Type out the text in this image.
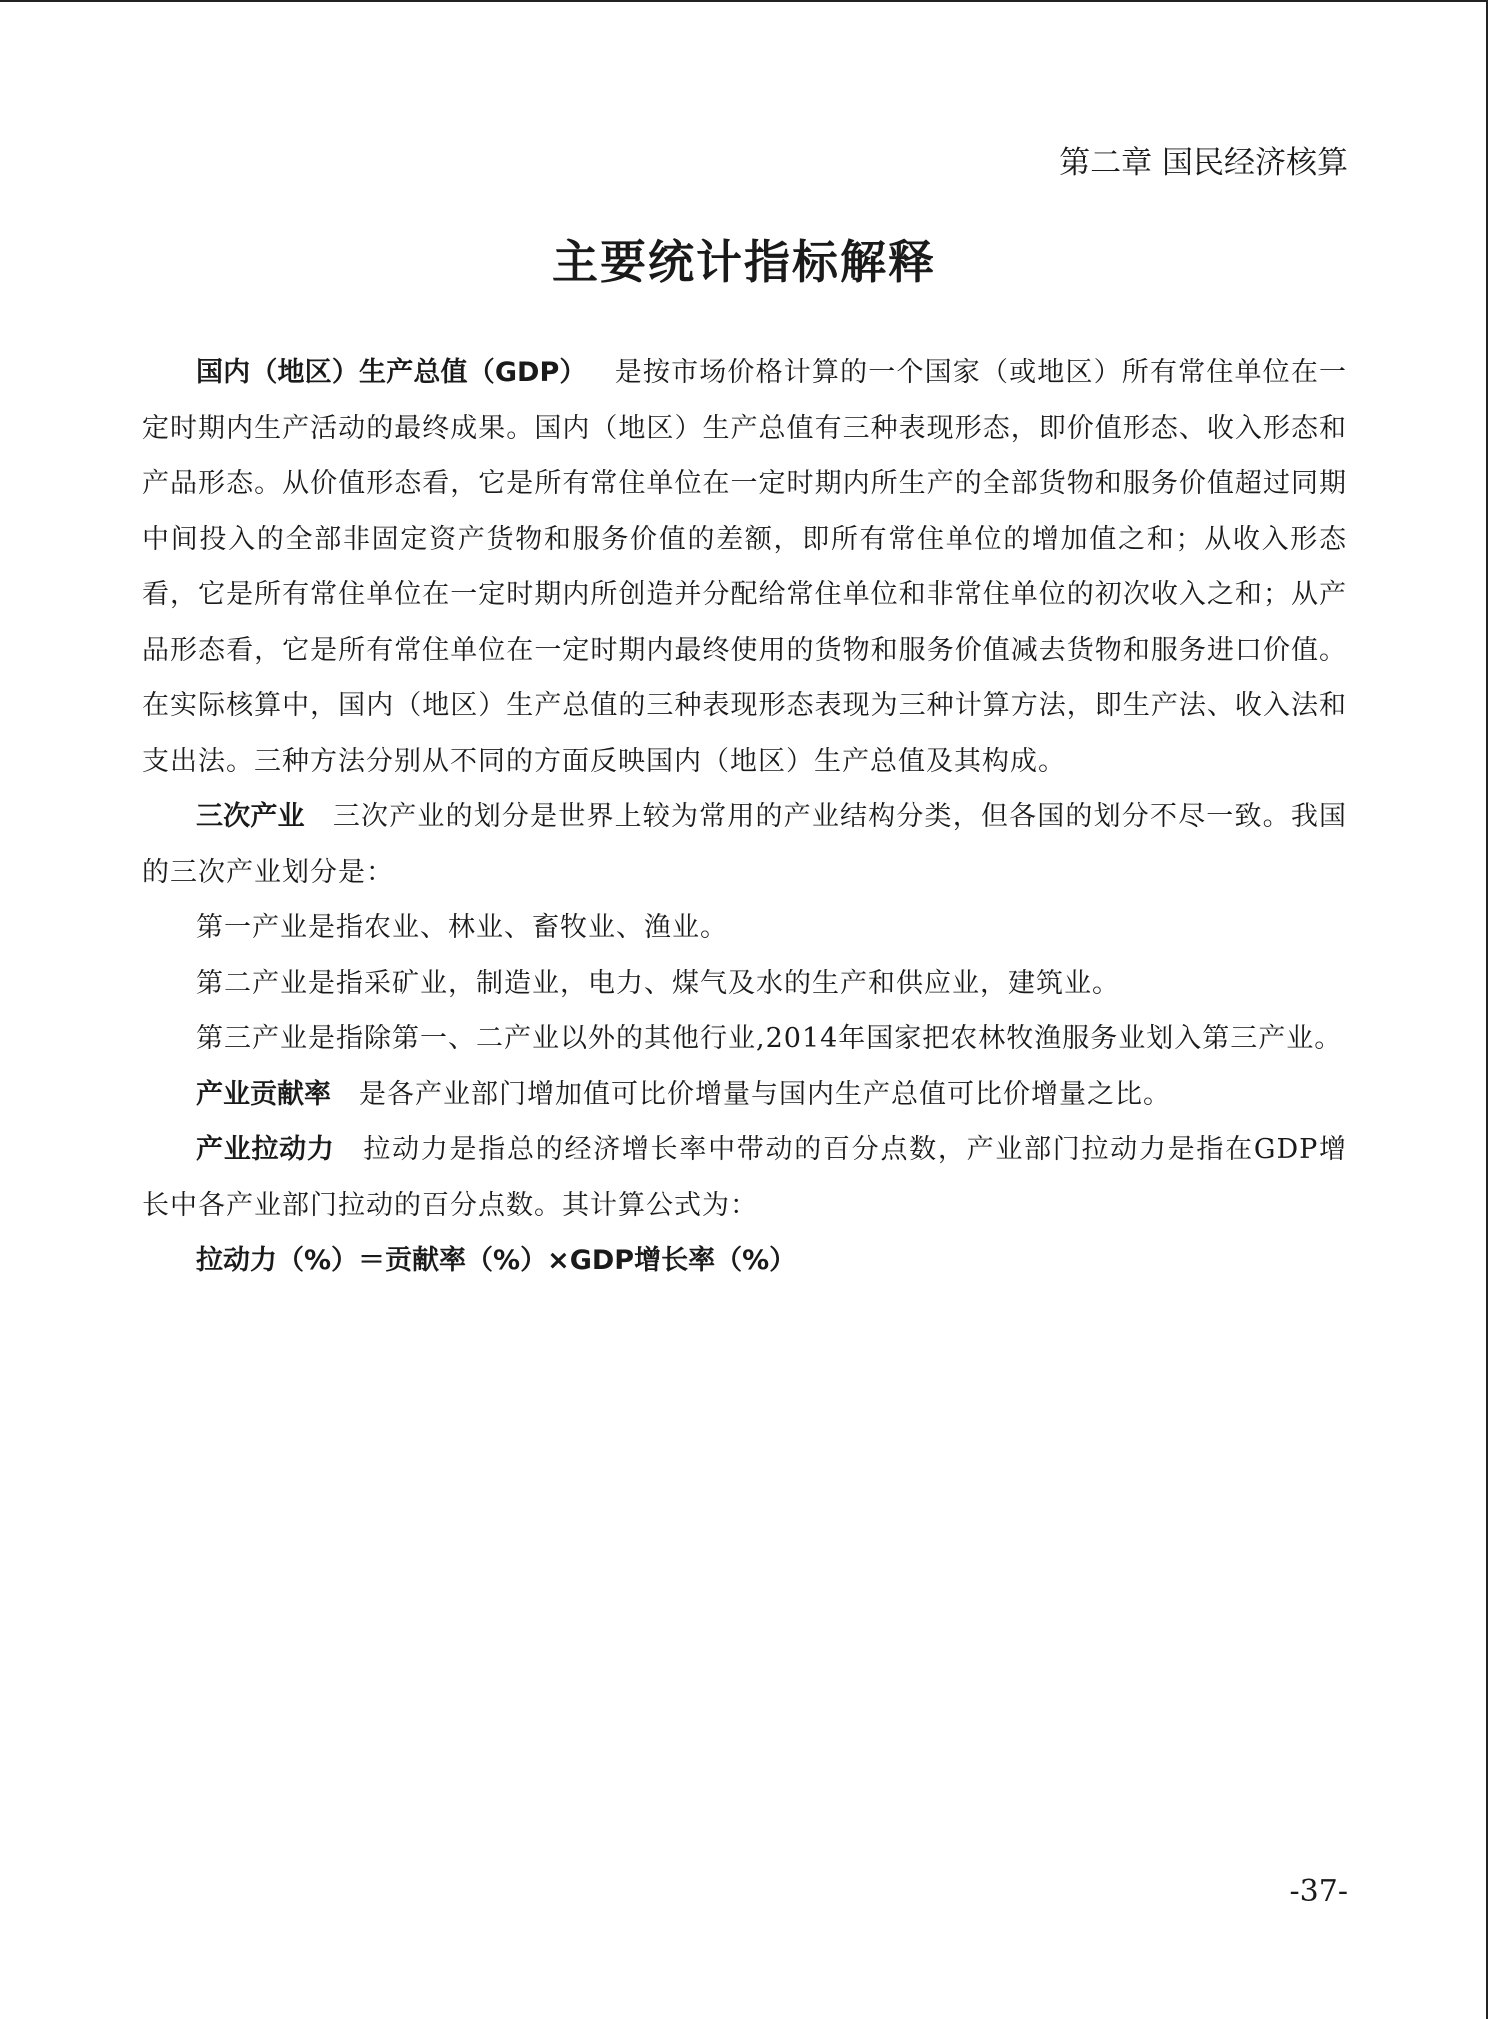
第二章 国民经济核算
主要统计指标解释

国内（地区）生产总值（GDP）  是按市场价格计算的一个国家（或地区）所有常住单位在一定时期内生产活动的最终成果。国内（地区）生产总值有三种表现形态，即价值形态、收入形态和产品形态。从价值形态看，它是所有常住单位在一定时期内所生产的全部货物和服务价值超过同期中间投入的全部非固定资产货物和服务价值的差额，即所有常住单位的增加值之和；从收入形态看，它是所有常住单位在一定时期内所创造并分配给常住单位和非常住单位的初次收入之和；从产品形态看，它是所有常住单位在一定时期内最终使用的货物和服务价值减去货物和服务进口价值。在实际核算中，国内（地区）生产总值的三种表现形态表现为三种计算方法，即生产法、收入法和支出法。三种方法分别从不同的方面反映国内（地区）生产总值及其构成。

三次产业  三次产业的划分是世界上较为常用的产业结构分类，但各国的划分不尽一致。我国的三次产业划分是：

第一产业是指农业、林业、畜牧业、渔业。

第二产业是指采矿业，制造业，电力、煤气及水的生产和供应业，建筑业。

第三产业是指除第一、二产业以外的其他行业,2014年国家把农林牧渔服务业划入第三产业。

产业贡献率  是各产业部门增加值可比价增量与国内生产总值可比价增量之比。

产业拉动力  拉动力是指总的经济增长率中带动的百分点数，产业部门拉动力是指在GDP增长中各产业部门拉动的百分点数。其计算公式为：

拉动力（%）＝贡献率（%）×GDP增长率（%）

-37-
